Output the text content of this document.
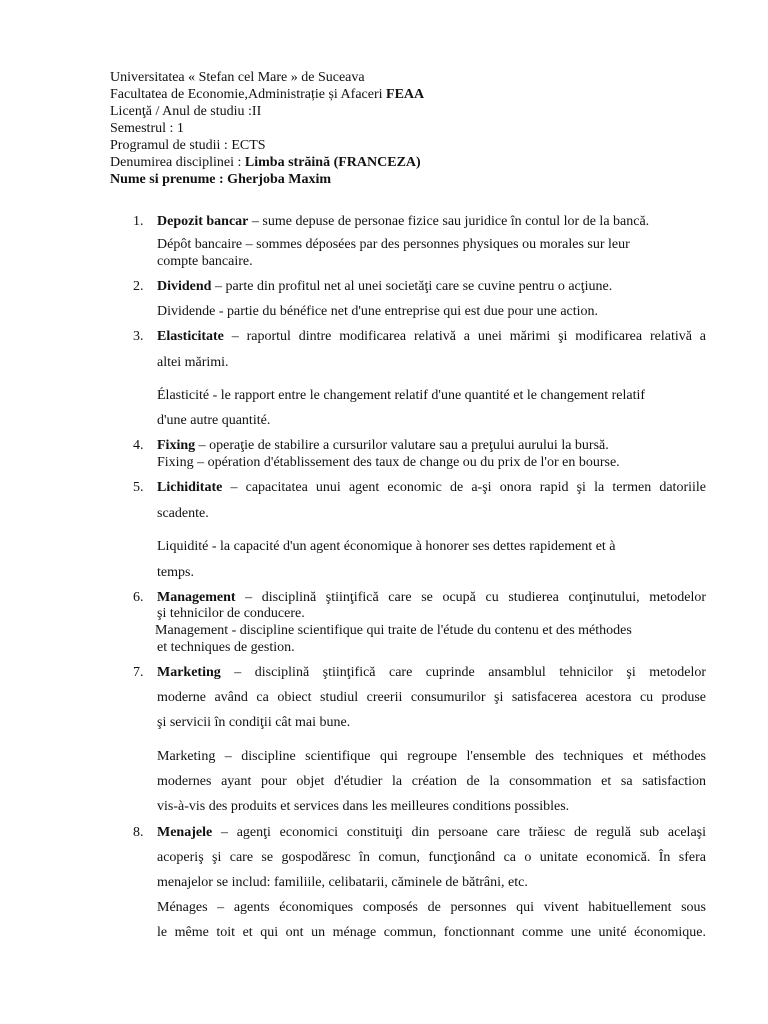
Universitatea « Stefan cel Mare » de Suceava
Facultatea de Economie,Administrație și Afaceri FEAA
Licenţă / Anul de studiu :II
Semestrul : 1
Programul de studii : ECTS
Denumirea disciplinei : Limba străină (FRANCEZA)
Nume si prenume : Gherjoba Maxim
1. Depozit bancar – sume depuse de personae fizice sau juridice în contul lor de la bancă.
Dépôt bancaire – sommes déposées par des personnes physiques ou morales sur leur
compte bancaire.
2. Dividend – parte din profitul net al unei societăţi care se cuvine pentru o acţiune.
Dividende - partie du bénéfice net d'une entreprise qui est due pour une action.
3. Elasticitate – raportul dintre modificarea relativă a unei mărimi şi modificarea relativă a
altei mărimi.
Élasticité - le rapport entre le changement relatif d'une quantité et le changement relatif
d'une autre quantité.
4. Fixing – operaţie de stabilire a cursurilor valutare sau a preţului aurului la bursă.
Fixing – opération d'établissement des taux de change ou du prix de l'or en bourse.
5. Lichiditate – capacitatea unui agent economic de a-şi onora rapid şi la termen datoriile
scadente.
Liquidité - la capacité d'un agent économique à honorer ses dettes rapidement et à
temps.
6. Management – disciplină ştiinţifică care se ocupă cu studierea conţinutului, metodelor
şi tehnicilor de conducere.
Management - discipline scientifique qui traite de l'étude du contenu et des méthodes
et techniques de gestion.
7. Marketing – disciplină ştiinţifică care cuprinde ansamblul tehnicilor şi metodelor
moderne având ca obiect studiul creerii consumurilor şi satisfacerea acestora cu produse
şi servicii în condiţii cât mai bune.
Marketing – discipline scientifique qui regroupe l'ensemble des techniques et méthodes
modernes ayant pour objet d'étudier la création de la consommation et sa satisfaction
vis-à-vis des produits et services dans les meilleures conditions possibles.
8. Menajele – agenţi economici constituiţi din persoane care trăiesc de regulă sub acelaşi
acoperiş şi care se gospodăresc în comun, funcţionând ca o unitate economică. În sfera
menajelor se includ: familiile, celibatarii, căminele de bătrâni, etc.
Ménages – agents économiques composés de personnes qui vivent habituellement sous
le même toit et qui ont un ménage commun, fonctionnant comme une unité économique.
